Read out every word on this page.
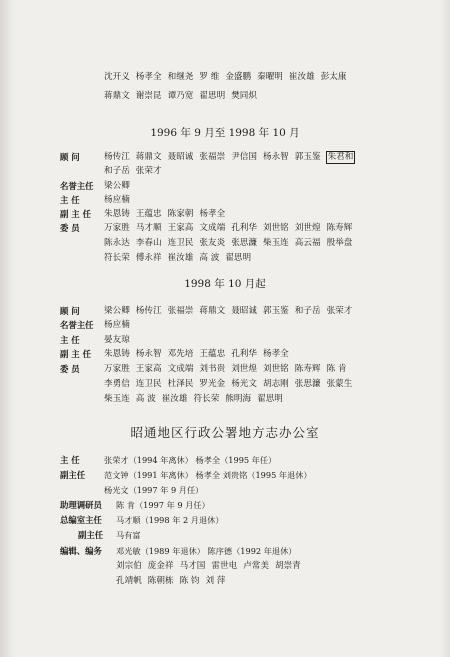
沈开义 杨孝全 和继尧 罗 维 金盛鹏 秦曜明 崔汝雄 彭太康
蒋鼎文 谢崇昆 谭乃宽 翟思明 樊同炽
1996 年 9 月至 1998 年 10 月
顾 问	杨传江 蒋鼎文 聂昭诚 张福崇 尹信国 杨永智 郭玉鉴 朱君和
和子岳 张荣才
名誉主任 梁公卿
主 任	杨应楠
副 主 任 朱恩铸 王蕴忠 陈家朝 杨孝全
委 员	万家胜 马才顺 王家高 文成端 孔利华 刘世铭 刘世煌 陈寿辉
陈永达 李春山 连卫民 张友炎 张思濂 柴玉连 高云福 殷举盘
符长荣 傅永祥 崔汝雄 高 波 翟思明
1998 年 10 月起
顾 问	梁公卿 杨传江 张福崇 蒋鼎文 聂昭诚 郭玉鉴 和子岳 张荣才
名誉主任 杨应楠
主 任	晏友琼
副 主 任 朱恩铸 杨永智 邓先培 王蕴忠 孔利华 杨孝全
委 员	万家胜 王家高 文成端 刘书贵 刘世煌 刘世铭 陈寿辉 陈 肯
李勇信 连卫民 杜泽民 罗光金 杨光文 胡志刚 张思濂 张蒙生
柴玉连 高 波 崔汝雄 符长荣 熊明海 翟思明
昭通地区行政公署地方志办公室
主 任	张荣才（1994 年离休） 杨孝全（1995 年任）
副主任 范文钟（1991 年离休） 杨孝全 刘贵铭（1995 年退休）
杨光文（1997 年 9 月任）
助理调研员 陈 肯（1997 年 9 月任）
总编室主任 马才顺（1998 年 2 月退休）
副主任 马有富
编辑、编务 邓光敏（1989 年退休） 陈序德（1992 年退休）
刘宗伯 庞金祥 马才国 雷世电 卢常美 胡崇青
孔靖帆 陈朝栋 陈 钧 刘 萍
